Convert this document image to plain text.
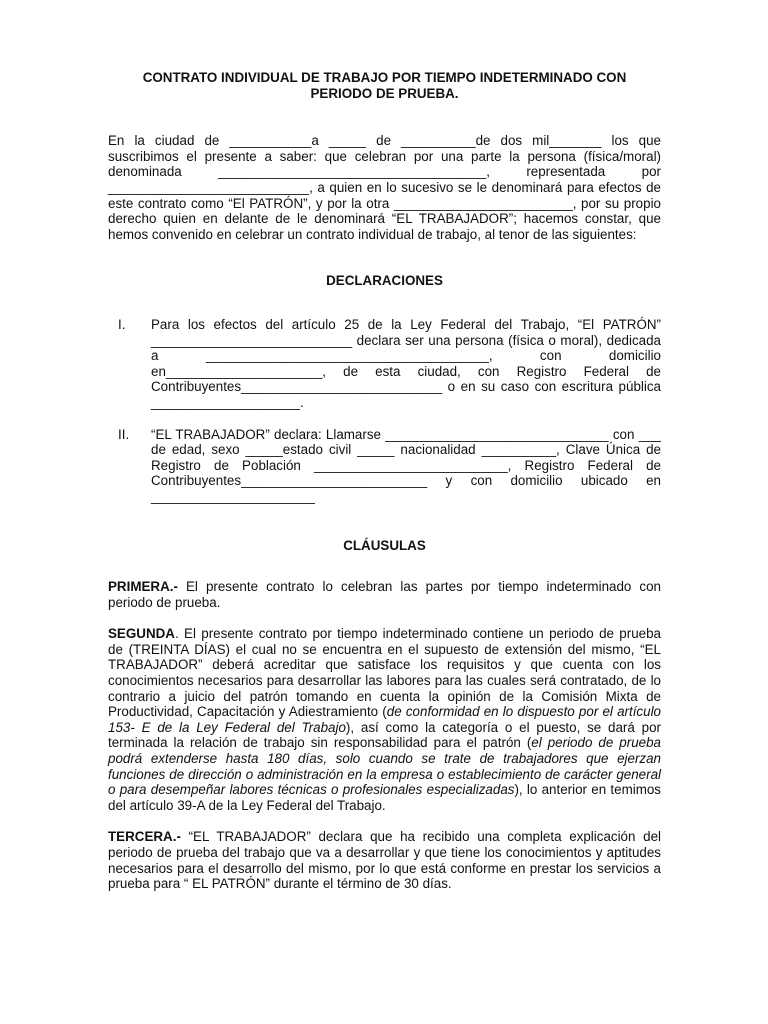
CONTRATO INDIVIDUAL DE TRABAJO POR TIEMPO INDETERMINADO CON
PERIODO DE PRUEBA.

En la ciudad de ___________a _____ de __________de dos mil_______ los que suscribimos el presente a saber: que celebran por una parte la persona (física/moral) denominada ____________________________________, representada por ___________________________, a quien en lo sucesivo se le denominará para efectos de este contrato como “El PATRÓN”, y por la otra ________________________, por su propio derecho quien en delante de le denominará “EL TRABAJADOR”; hacemos constar, que hemos convenido en celebrar un contrato individual de trabajo, al tenor de las siguientes:

DECLARACIONES

I.	Para los efectos del artículo 25 de la Ley Federal del Trabajo, “El PATRÓN” ___________________________ declara ser una persona (física o moral), dedicada a ______________________________________, con domicilio en_____________________, de esta ciudad, con Registro Federal de Contribuyentes___________________________ o en su caso con escritura pública ____________________.
II.	“EL TRABAJADOR” declara: Llamarse ______________________________ con ___ de edad, sexo _____estado civil _____ nacionalidad __________, Clave Única de Registro de Población __________________________, Registro Federal de Contribuyentes_________________________ y con domicilio ubicado en ______________________

CLÁUSULAS

PRIMERA.- El presente contrato lo celebran las partes por tiempo indeterminado con periodo de prueba.

SEGUNDA. El presente contrato por tiempo indeterminado contiene un periodo de prueba de (TREINTA DÍAS) el cual no se encuentra en el supuesto de extensión del mismo, “EL TRABAJADOR” deberá acreditar que satisface los requisitos y que cuenta con los conocimientos necesarios para desarrollar las labores para las cuales será contratado, de lo contrario a juicio del patrón tomando en cuenta la opinión de la Comisión Mixta de Productividad, Capacitación y Adiestramiento (de conformidad en lo dispuesto por el artículo 153- E de la Ley Federal del Trabajo), así como la categoría o el puesto, se dará por terminada la relación de trabajo sin responsabilidad para el patrón (el periodo de prueba podrá extenderse hasta 180 días, solo cuando se trate de trabajadores que ejerzan funciones de dirección o administración en la empresa o establecimiento de carácter general o para desempeñar labores técnicas o profesionales especializadas), lo anterior en temimos del artículo 39-A de la Ley Federal del Trabajo.

TERCERA.- “EL TRABAJADOR” declara que ha recibido una completa explicación del periodo de prueba del trabajo que va a desarrollar y que tiene los conocimientos y aptitudes necesarios para el desarrollo del mismo, por lo que está conforme en prestar los servicios a prueba para “ EL PATRÓN” durante el término de 30 días.
